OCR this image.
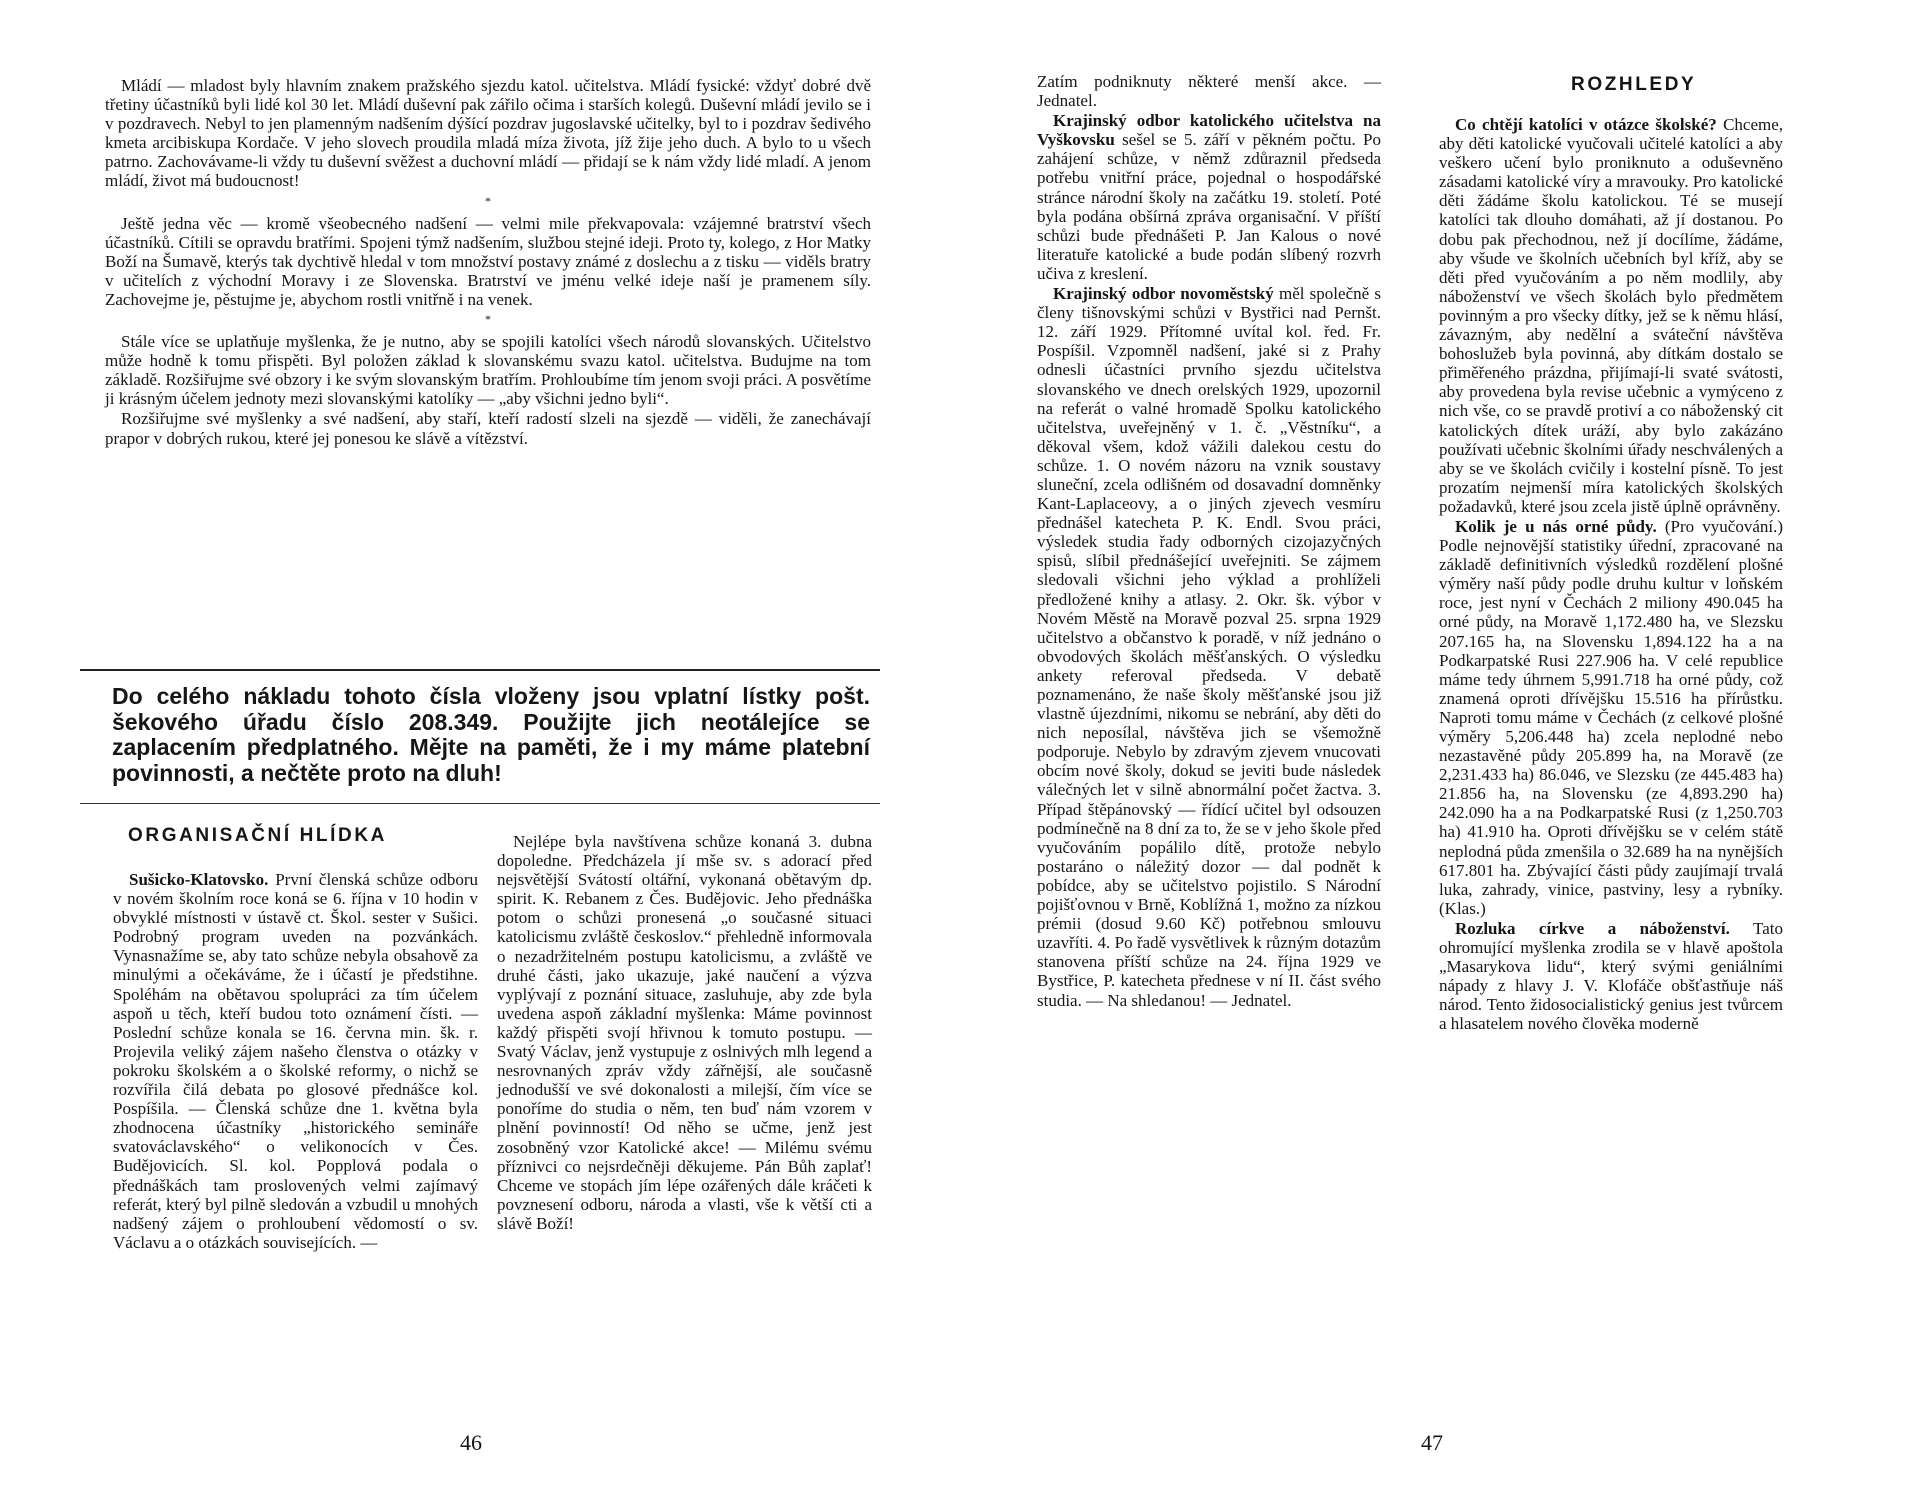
Mládí — mladost byly hlavním znakem pražského sjezdu katol. učitelstva. Mládí fysické: vždyť dobré dvě třetiny účastníků byli lidé kol 30 let. Mládí duševní pak zářilo očima i starších kolegů. Duševní mládí jevilo se i v pozdravech. Nebyl to jen plamenným nadšením dýšící pozdrav jugoslavské učitelky, byl to i pozdrav šedivého kmeta arcibiskupa Kordače. V jeho slovech proudila mladá míza života, jíž žije jeho duch. A bylo to u všech patrno. Zachovávame-li vždy tu duševní svěžest a duchovní mládí — přidají se k nám vždy lidé mladí. A jenom mládí, život má budoucnost!

*

Ještě jedna věc — kromě všeobecného nadšení — velmi mile překvapovala: vzájemné bratrství všech účastníků. Cítili se opravdu bratřími. Spojeni týmž nadšením, službou stejné ideji. Proto ty, kolego, z Hor Matky Boží na Šumavě, kterýs tak dychtivě hledal v tom množství postavy známé z doslechu a z tisku — viděls bratry v učitelích z východní Moravy i ze Slovenska. Bratrství ve jménu velké ideje naší je pramenem síly. Zachovejme je, pěstujme je, abychom rostli vnitřně i na venek.

*

Stále více se uplatňuje myšlenka, že je nutno, aby se spojili katolíci všech národů slovanských. Učitelstvo může hodně k tomu přispěti. Byl položen základ k slovanskému svazu katol. učitelstva. Budujme na tom základě. Rozšiřujme své obzory i ke svým slovanským bratřím. Prohloubíme tím jenom svoji práci. A posvětíme ji krásným účelem jednoty mezi slovanskými katolíky — „aby všichni jedno byli“.

Rozšiřujme své myšlenky a své nadšení, aby staří, kteří radostí slzeli na sjezdě — viděli, že zanechávají prapor v dobrých rukou, které jej ponesou ke slávě a vítězství.

Do celého nákladu tohoto čísla vloženy jsou vplatní lístky pošt. šekového úřadu číslo 208.349. Použijte jich neotálejíce se zaplacením předplatného. Mějte na paměti, že i my máme platební povinnosti, a nečtěte proto na dluh!
ORGANISAČNÍ HLÍDKA

Sušicko-Klatovsko. První členská schůze odboru v novém školním roce koná se 6. října v 10 hodin v obvyklé místnosti v ústavě ct. Škol. sester v Sušici. Podrobný program uveden na pozvánkách. Vynasnažíme se, aby tato schůze nebyla obsahově za minulými a očekáváme, že i účastí je předstihne. Spoléhám na obětavou spolupráci za tím účelem aspoň u těch, kteří budou toto oznámení čísti. — Poslední schůze konala se 16. června min. šk. r. Projevila veliký zájem našeho členstva o otázky v pokroku školském a o školské reformy, o nichž se rozvířila čilá debata po glosové přednášce kol. Pospíšila. — Členská schůze dne 1. května byla zhodnocena účastníky „historického semináře svatováclavského“ o velikonocích v Čes. Budějovicích. Sl. kol. Popplová podala o přednáškách tam proslovených velmi zajímavý referát, který byl pilně sledován a vzbudil u mnohých nadšený zájem o prohloubení vědomostí o sv. Václavu a o otázkách souvisejících. —

Nejlépe byla navštívena schůze konaná 3. dubna dopoledne. Předcházela jí mše sv. s adorací před nejsvětější Svátostí oltářní, vykonaná obětavým dp. spirit. K. Rebanem z Čes. Budějovic. Jeho přednáška potom o schůzi pronesená „o současné situaci katolicismu zvláště českoslov.“ přehledně informovala o nezadržitelném postupu katolicismu, a zvláště ve druhé části, jako ukazuje, jaké naučení a výzva vyplývají z poznání situace, zasluhuje, aby zde byla uvedena aspoň základní myšlenka: Máme povinnost každý přispěti svojí hřivnou k tomuto postupu. — Svatý Václav, jenž vystupuje z oslnivých mlh legend a nesrovnaných zpráv vždy zářnější, ale současně jednodušší ve své dokonalosti a milejší, čím více se ponoříme do studia o něm, ten buď nám vzorem v plnění povinností! Od něho se učme, jenž jest zosobněný vzor Katolické akce! — Milému svému příznivci co nejsrdečněji děkujeme. Pán Bůh zaplať! Chceme ve stopách jím lépe ozářených dále kráčeti k povznesení odboru, národa a vlasti, vše k větší cti a slávě Boží!

46

Zatím podniknuty některé menší akce. — Jednatel.

Krajinský odbor katolického učitelstva na Vyškovsku sešel se 5. září v pěkném počtu. Po zahájení schůze, v němž zdůraznil předseda potřebu vnitřní práce, pojednal o hospodářské stránce národní školy na začátku 19. století. Poté byla podána obšírná zpráva organisační. V příští schůzi bude přednášeti P. Jan Kalous o nové literatuře katolické a bude podán slíbený rozvrh učiva z kreslení.

Krajinský odbor novoměstský měl společně s členy tišnovskými schůzi v Bystřici nad Pernšt. 12. září 1929. Přítomné uvítal kol. řed. Fr. Pospíšil. Vzpomněl nadšení, jaké si z Prahy odnesli účastníci prvního sjezdu učitelstva slovanského ve dnech orelských 1929, upozornil na referát o valné hromadě Spolku katolického učitelstva, uveřejněný v 1. č. „Věstníku“, a děkoval všem, kdož vážili dalekou cestu do schůze. 1. O novém názoru na vznik soustavy sluneční, zcela odlišném od dosavadní domněnky Kant-Laplaceovy, a o jiných zjevech vesmíru přednášel katecheta P. K. Endl. Svou práci, výsledek studia řady odborných cizojazyčných spisů, slíbil přednášející uveřejniti. Se zájmem sledovali všichni jeho výklad a prohlíželi předložené knihy a atlasy. 2. Okr. šk. výbor v Novém Městě na Moravě pozval 25. srpna 1929 učitelstvo a občanstvo k poradě, v níž jednáno o obvodových školách měšťanských. O výsledku ankety referoval předseda. V debatě poznamenáno, že naše školy měšťanské jsou již vlastně újezdními, nikomu se nebrání, aby děti do nich neposílal, návštěva jich se všemožně podporuje. Nebylo by zdravým zjevem vnucovati obcím nové školy, dokud se jeviti bude následek válečných let v silně abnormální počet žactva. 3. Případ štěpánovský — řídící učitel byl odsouzen podmínečně na 8 dní za to, že se v jeho škole před vyučováním popálilo dítě, protože nebylo postaráno o náležitý dozor — dal podnět k pobídce, aby se učitelstvo pojistilo. S Národní pojišťovnou v Brně, Koblížná 1, možno za nízkou prémii (dosud 9.60 Kč) potřebnou smlouvu uzavříti. 4. Po řadě vysvětlivek k různým dotazům stanovena příští schůze na 24. října 1929 ve Bystřice, P. katecheta přednese v ní II. část svého studia. — Na shledanou! — Jednatel.

ROZHLEDY

Co chtějí katolíci v otázce školské? Chceme, aby děti katolické vyučovali učitelé katolíci a aby veškero učení bylo proniknuto a oduševněno zásadami katolické víry a mravouky. Pro katolické děti žádáme školu katolickou. Té se musejí katolíci tak dlouho domáhati, až jí dostanou. Po dobu pak přechodnou, než jí docílíme, žádáme, aby všude ve školních učebních byl kříž, aby se děti před vyučováním a po něm modlily, aby náboženství ve všech školách bylo předmětem povinným a pro všecky dítky, jež se k němu hlásí, závazným, aby nedělní a sváteční návštěva bohoslužeb byla povinná, aby dítkám dostalo se přiměřeného prázdna, přijímají-li svaté svátosti, aby provedena byla revise učebnic a vymýceno z nich vše, co se pravdě protiví a co náboženský cit katolických dítek uráží, aby bylo zakázáno používati učebnic školními úřady neschválených a aby se ve školách cvičily i kostelní písně. To jest prozatím nejmenší míra katolických školských požadavků, které jsou zcela jistě úplně oprávněny.

Kolik je u nás orné půdy. (Pro vyučování.) Podle nejnovější statistiky úřední, zpracované na základě definitivních výsledků rozdělení plošné výměry naší půdy podle druhu kultur v loňském roce, jest nyní v Čechách 2 miliony 490.045 ha orné půdy, na Moravě 1,172.480 ha, ve Slezsku 207.165 ha, na Slovensku 1,894.122 ha a na Podkarpatské Rusi 227.906 ha. V celé republice máme tedy úhrnem 5,991.718 ha orné půdy, což znamená oproti dřívějšku 15.516 ha přírůstku. Naproti tomu máme v Čechách (z celkové plošné výměry 5,206.448 ha) zcela neplodné nebo nezastavěné půdy 205.899 ha, na Moravě (ze 2,231.433 ha) 86.046, ve Slezsku (ze 445.483 ha) 21.856 ha, na Slovensku (ze 4,893.290 ha) 242.090 ha a na Podkarpatské Rusi (z 1,250.703 ha) 41.910 ha. Oproti dřívějšku se v celém státě neplodná půda zmenšila o 32.689 ha na nynějších 617.801 ha. Zbývající části půdy zaujímají trvalá luka, zahrady, vinice, pastviny, lesy a rybníky. (Klas.)

Rozluka církve a náboženství. Tato ohromující myšlenka zrodila se v hlavě apoštola „Masarykova lidu“, který svými geniálními nápady z hlavy J. V. Klofáče obšťastňuje náš národ. Tento židosocialistický genius jest tvůrcem a hlasatelem nového člověka moderně

47
